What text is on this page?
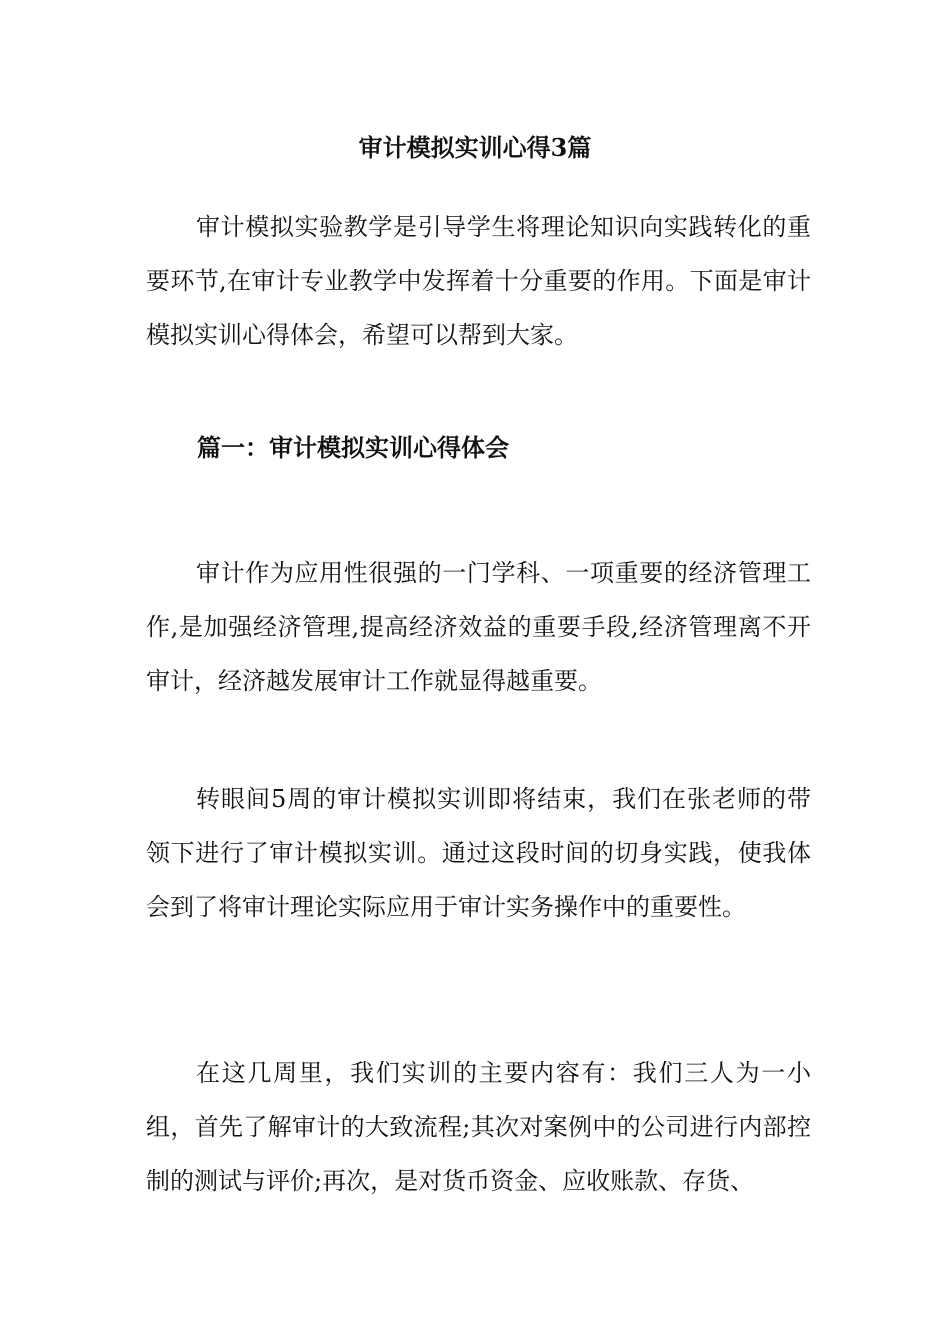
审计模拟实训心得3篇

审计模拟实验教学是引导学生将理论知识向实践转化的重要环节,在审计专业教学中发挥着十分重要的作用。下面是审计模拟实训心得体会，希望可以帮到大家。

篇一：审计模拟实训心得体会

审计作为应用性很强的一门学科、一项重要的经济管理工作,是加强经济管理,提高经济效益的重要手段,经济管理离不开审计，经济越发展审计工作就显得越重要。

转眼间5周的审计模拟实训即将结束，我们在张老师的带领下进行了审计模拟实训。通过这段时间的切身实践，使我体会到了将审计理论实际应用于审计实务操作中的重要性。

在这几周里，我们实训的主要内容有：我们三人为一小组，首先了解审计的大致流程;其次对案例中的公司进行内部控制的测试与评价;再次，是对货币资金、应收账款、存货、
